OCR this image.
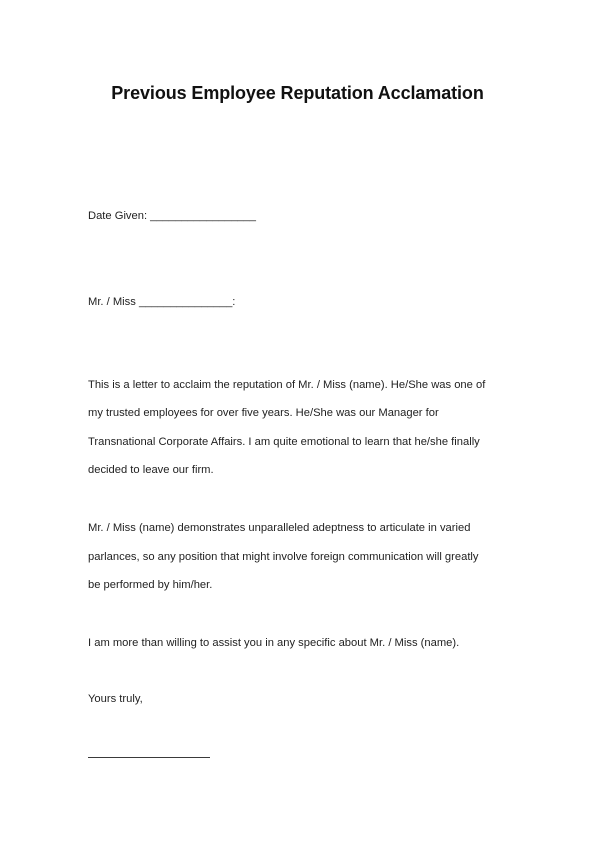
Previous Employee Reputation Acclamation
Date Given: _________________
Mr. / Miss _______________:
This is a letter to acclaim the reputation of Mr. / Miss (name). He/She was one of
my trusted employees for over five years. He/She was our Manager for
Transnational Corporate Affairs. I am quite emotional to learn that he/she finally
decided to leave our firm.
Mr. / Miss (name) demonstrates unparalleled adeptness to articulate in varied
parlances, so any position that might involve foreign communication will greatly
be performed by him/her.
I am more than willing to assist you in any specific about Mr. / Miss (name).
Yours truly,
